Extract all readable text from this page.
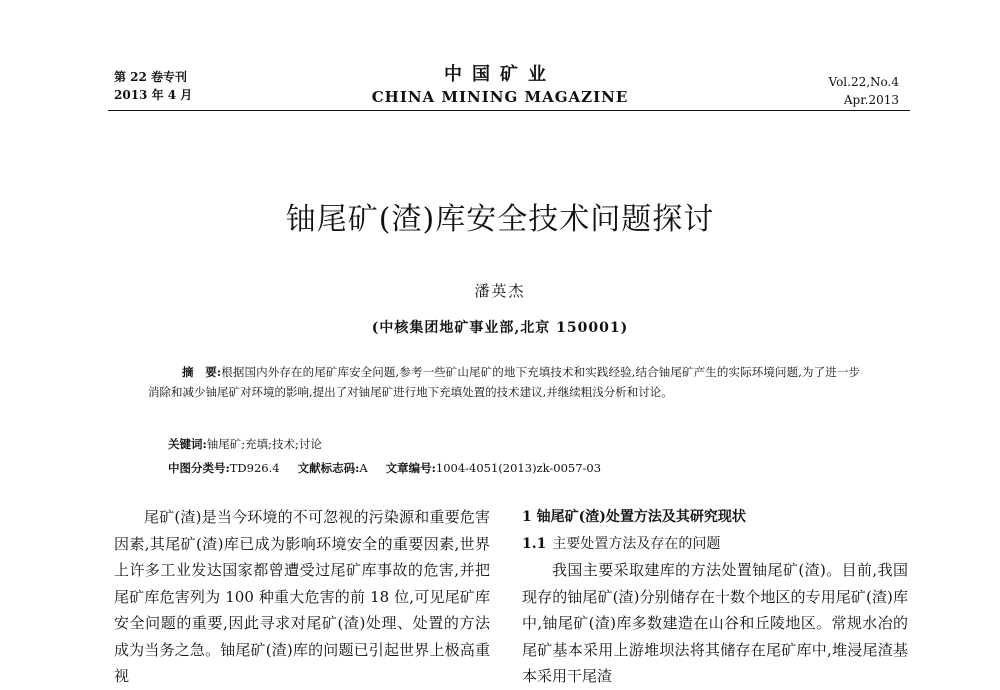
第 22 卷专刊
2013 年 4 月
中国矿业
CHINA MINING MAGAZINE
Vol.22,No.4
Apr.2013
铀尾矿(渣)库安全技术问题探讨
潘英杰
(中核集团地矿事业部,北京 150001)
摘　要:根据国内外存在的尾矿库安全问题,参考一些矿山尾矿的地下充填技术和实践经验,结合铀尾矿产生的实际环境问题,为了进一步消除和减少铀尾矿对环境的影响,提出了对铀尾矿进行地下充填处置的技术建议,并继续粗浅分析和讨论。
关键词:铀尾矿;充填;技术;讨论
中图分类号:TD926.4 文献标志码:A 文章编号:1004-4051(2013)zk-0057-03
尾矿(渣)是当今环境的不可忽视的污染源和重要危害因素,其尾矿(渣)库已成为影响环境安全的重要因素,世界上许多工业发达国家都曾遭受过尾矿库事故的危害,并把尾矿库危害列为 100 种重大危害的前 18 位,可见尾矿库安全问题的重要,因此寻求对尾矿(渣)处理、处置的方法成为当务之急。铀尾矿(渣)库的问题已引起世界上极高重视
1 铀尾矿(渣)处置方法及其研究现状
1.1 主要处置方法及存在的问题
我国主要采取建库的方法处置铀尾矿(渣)。目前,我国现存的铀尾矿(渣)分别储存在十数个地区的专用尾矿(渣)库中,铀尾矿(渣)库多数建造在山谷和丘陵地区。常规水冶的尾矿基本采用上游堆坝法将其储存在尾矿库中,堆浸尾渣基本采用干尾渣
